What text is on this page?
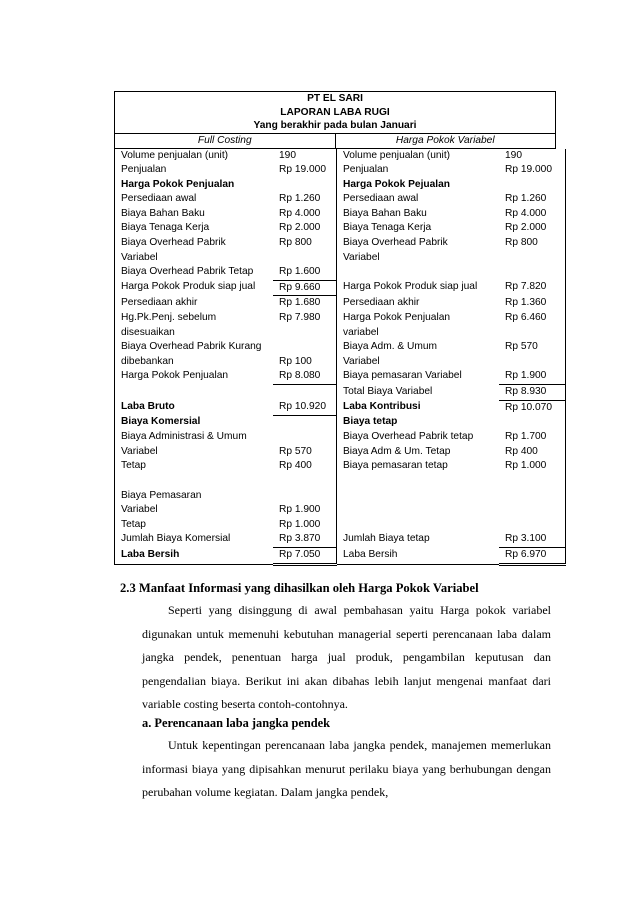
PT EL SARI
LAPORAN LABA RUGI
Yang berakhir pada bulan Januari
Full Costing	Harga Pokok Variabel
Volume penjualan (unit)	190	Volume penjualan (unit)	190
Penjualan	Rp 19.000	Penjualan	Rp 19.000
Harga Pokok Penjualan		Harga Pokok Pejualan	
Persediaan awal	Rp 1.260	Persediaan awal	Rp 1.260
Biaya Bahan Baku	Rp 4.000	Biaya Bahan Baku	Rp 4.000
Biaya Tenaga Kerja	Rp 2.000	Biaya Tenaga Kerja	Rp 2.000
Biaya Overhead Pabrik	Rp 800	Biaya Overhead Pabrik	Rp 800
Variabel		Variabel	
Biaya Overhead Pabrik Tetap	Rp 1.600		
Harga Pokok Produk siap jual	Rp 9.660	Harga Pokok Produk siap jual	Rp 7.820
Persediaan akhir	Rp 1.680	Persediaan akhir	Rp 1.360
Hg.Pk.Penj. sebelum	Rp 7.980	Harga Pokok Penjualan	Rp 6.460
disesuaikan		variabel	
Biaya Overhead Pabrik Kurang		Biaya Adm. & Umum	Rp 570
dibebankan	Rp 100	Variabel	
Harga Pokok Penjualan	Rp 8.080	Biaya pemasaran Variabel	Rp 1.900
		Total Biaya Variabel	Rp 8.930
Laba Bruto	Rp 10.920	Laba Kontribusi	Rp 10.070
Biaya Komersial		Biaya tetap	
Biaya Administrasi & Umum		Biaya Overhead Pabrik tetap	Rp 1.700
Variabel	Rp 570	Biaya Adm & Um. Tetap	Rp 400
Tetap	Rp 400	Biaya pemasaran tetap	Rp 1.000

Biaya Pemasaran			
Variabel	Rp 1.900		
Tetap	Rp 1.000		
Jumlah Biaya Komersial	Rp 3.870	Jumlah Biaya tetap	Rp 3.100
Laba Bersih	Rp 7.050	Laba Bersih	Rp 6.970
2.3 Manfaat Informasi yang dihasilkan oleh Harga Pokok Variabel
Seperti yang disinggung di awal pembahasan yaitu Harga pokok variabel digunakan untuk memenuhi kebutuhan managerial seperti perencanaan laba dalam jangka pendek, penentuan harga jual produk, pengambilan keputusan dan pengendalian biaya. Berikut ini akan dibahas lebih lanjut mengenai manfaat dari variable costing beserta contoh-contohnya.
a. Perencanaan laba jangka pendek
Untuk kepentingan perencanaan laba jangka pendek, manajemen memerlukan informasi biaya yang dipisahkan menurut perilaku biaya yang berhubungan dengan perubahan volume kegiatan. Dalam jangka pendek,
